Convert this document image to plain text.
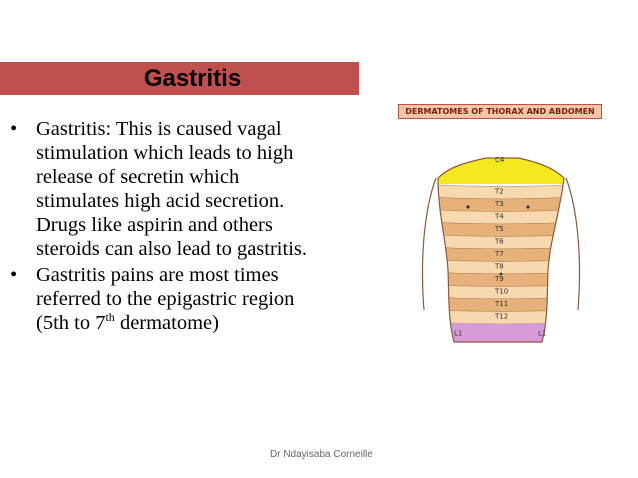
Gastritis
• Gastritis: This is caused vagal
stimulation which leads to high
release of secretin which
stimulates high acid secretion.
Drugs like aspirin and others
steroids can also lead to gastritis.
• Gastritis pains are most times
referred to the epigastric region
(5th to 7th dermatome)
DERMATOMES OF THORAX AND ABDOMEN
C4
T2
T3
T4
T5
T6
T7
T8
T9
T10
T11
T12
L1	L1
Dr Ndayisaba Corneille
